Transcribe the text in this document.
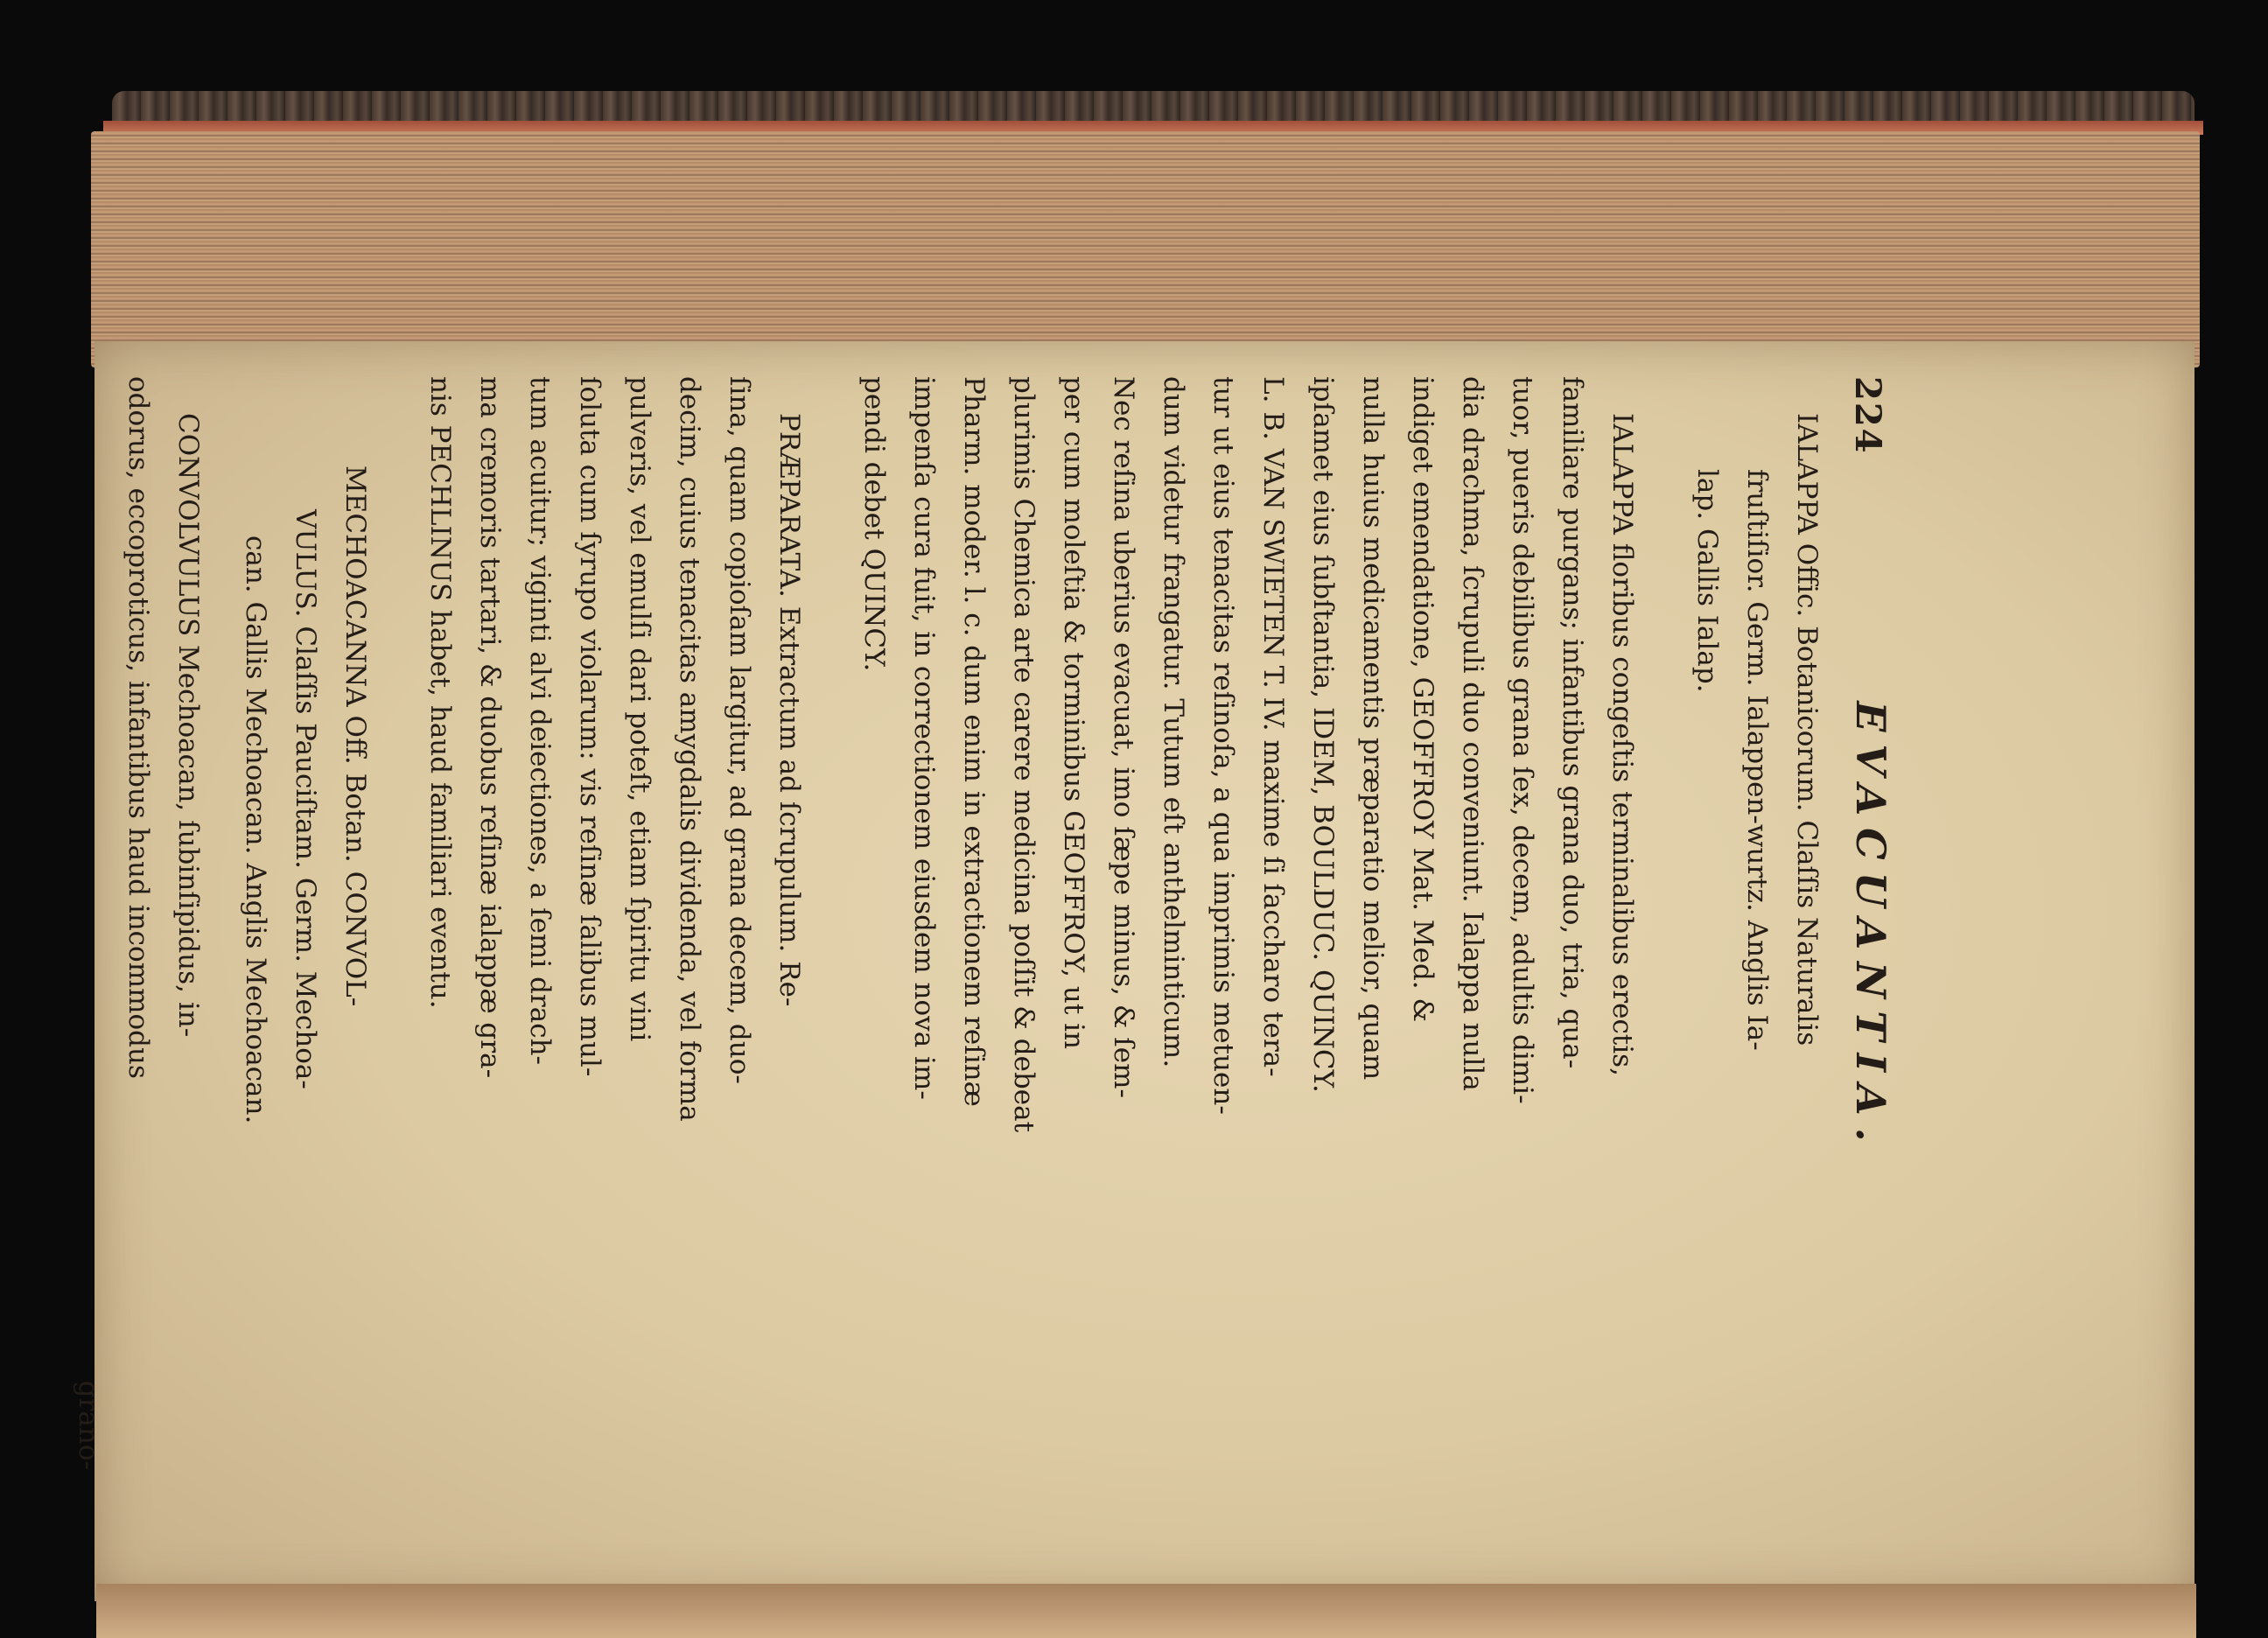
224
EVACUANTIA.
IALAPPA Offic. Botanicorum. Claſſis Naturalis
fruſtiſior. Germ. Ialappen-wurtz. Anglis Ia-
lap. Gallis Ialap.
IALAPPA floribus congeſtis terminalibus erectis,
familiare purgans; infantibus grana duo, tria, qua-
tuor, pueris debilibus grana ſex, decem, adultis dimi-
dia drachma, ſcrupuli duo conveniunt. Ialappa nulla
indiget emendatione, GEOFFROY Mat. Med. &
nulla huius medicamentis præparatio melior, quam
ipſamet eius ſubſtantia, IDEM, BOULDUC. QUINCY.
L. B. VAN SWIETEN T. IV. maxime ſi ſaccharo tera-
tur ut eius tenacitas reſinoſa, a qua imprimis metuen-
dum videtur frangatur. Tutum eſt anthelminticum.
Nec reſina uberius evacuat, imo ſæpe minus, & ſem-
per cum moleſtia & torminibus GEOFFROY, ut in
plurimis Chemica arte carere medicina poſſit & debeat
Pharm. moder. l. c. dum enim in extractionem reſinæ
impenſa cura fuit, in correctionem eiusdem nova im-
pendi debet QUINCY.
PRÆPARATA. Extractum ad ſcrupulum. Re-
ſina, quam copioſam largitur, ad grana decem, duo-
decim, cuius tenacitas amygdalis dividenda, vel forma
pulveris, vel emulſi dari poteſt, etiam ſpiritu vini
ſoluta cum ſyrupo violarum: vis reſinæ ſalibus mul-
tum acuitur; viginti alvi deiectiones, a ſemi drach-
ma cremoris tartari, & duobus reſinæ ialappæ gra-
nis PECHLINUS habet, haud familiari eventu.
MECHOACANNA Off. Botan. CONVOL-
VULUS. Claſſis Pauciſtam. Germ. Mechoa-
can. Gallis Mechoacan. Anglis Mechoacan.
CONVOLVULUS Mechoacan, ſubinſipidus, in-
odorus, eccoproticus, infantibus haud incommodus
grano-
